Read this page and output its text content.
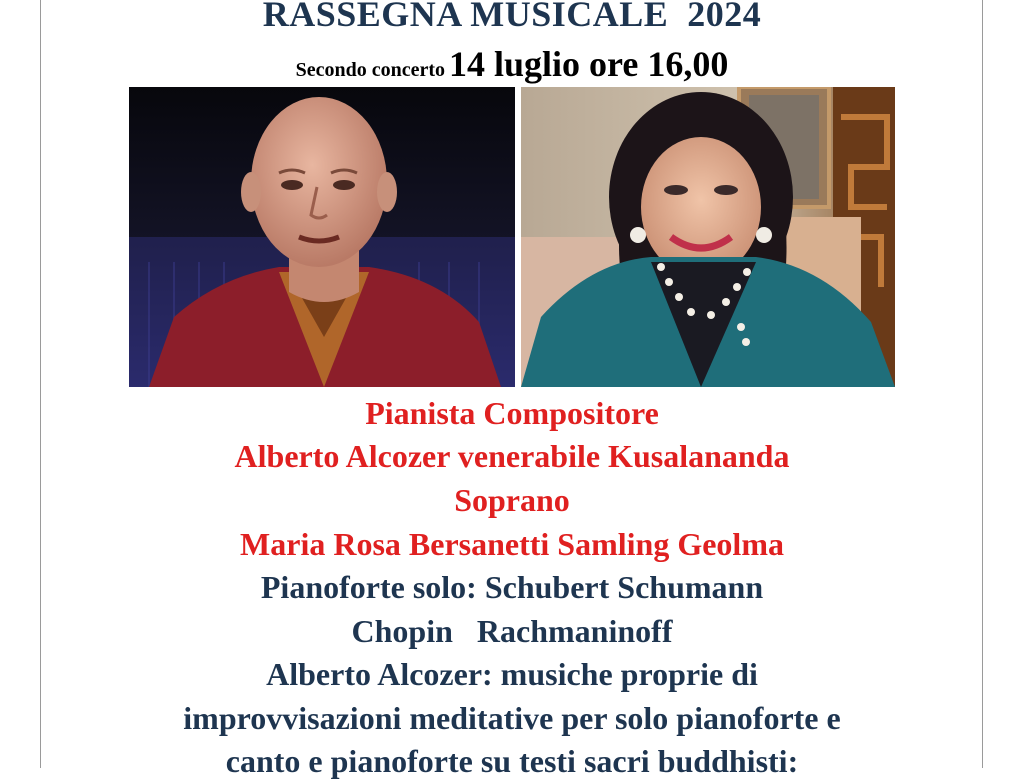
RASSEGNA MUSICALE  2024
Secondo concerto 14 luglio ore 16,00
Pianista Compositore
Alberto Alcozer venerabile Kusalananda
Soprano
Maria Rosa Bersanetti Samling Geolma
Pianoforte solo: Schubert Schumann
Chopin   Rachmaninoff
Alberto Alcozer: musiche proprie di
improvvisazioni meditative per solo pianoforte e
canto e pianoforte su testi sacri buddhisti:
